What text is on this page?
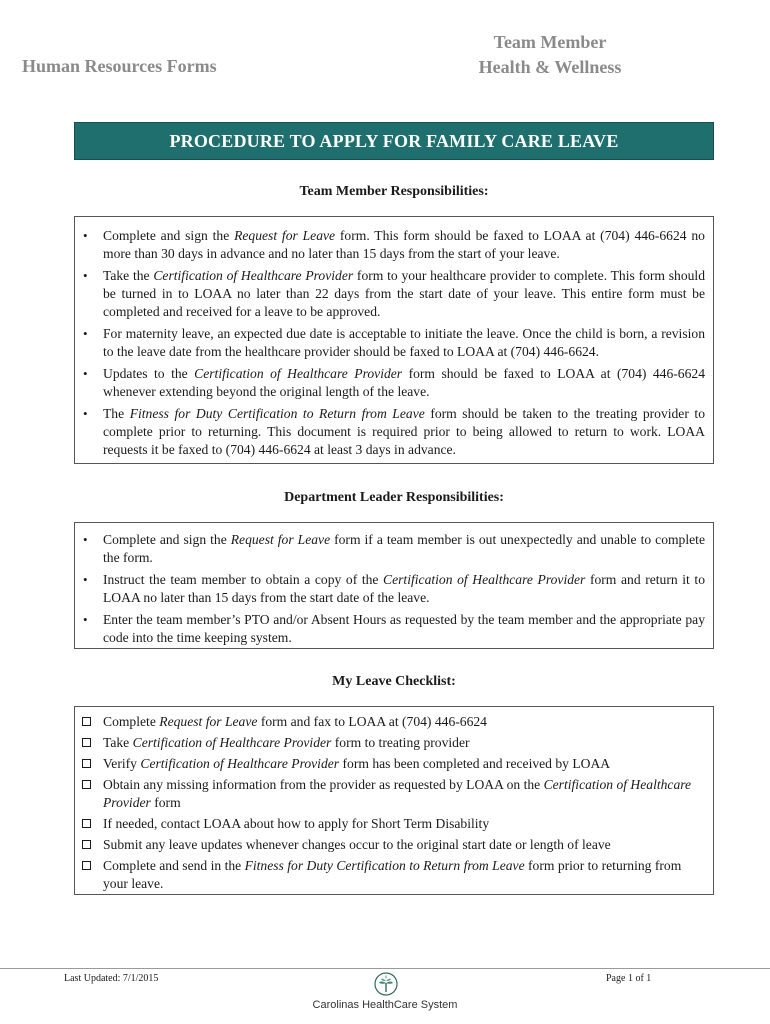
Human Resources Forms
Team Member
Health & Wellness
PROCEDURE TO APPLY FOR FAMILY CARE LEAVE
Team Member Responsibilities:
• Complete and sign the Request for Leave form. This form should be faxed to LOAA at (704) 446-6624 no more than 30 days in advance and no later than 15 days from the start of your leave.
• Take the Certification of Healthcare Provider form to your healthcare provider to complete. This form should be turned in to LOAA no later than 22 days from the start date of your leave. This entire form must be completed and received for a leave to be approved.
• For maternity leave, an expected due date is acceptable to initiate the leave. Once the child is born, a revision to the leave date from the healthcare provider should be faxed to LOAA at (704) 446-6624.
• Updates to the Certification of Healthcare Provider form should be faxed to LOAA at (704) 446-6624 whenever extending beyond the original length of the leave.
• The Fitness for Duty Certification to Return from Leave form should be taken to the treating provider to complete prior to returning. This document is required prior to being allowed to return to work. LOAA requests it be faxed to (704) 446-6624 at least 3 days in advance.
Department Leader Responsibilities:
• Complete and sign the Request for Leave form if a team member is out unexpectedly and unable to complete the form.
• Instruct the team member to obtain a copy of the Certification of Healthcare Provider form and return it to LOAA no later than 15 days from the start date of the leave.
• Enter the team member’s PTO and/or Absent Hours as requested by the team member and the appropriate pay code into the time keeping system.
My Leave Checklist:
Complete Request for Leave form and fax to LOAA at (704) 446-6624
Take Certification of Healthcare Provider form to treating provider
Verify Certification of Healthcare Provider form has been completed and received by LOAA
Obtain any missing information from the provider as requested by LOAA on the Certification of Healthcare Provider form
If needed, contact LOAA about how to apply for Short Term Disability
Submit any leave updates whenever changes occur to the original start date or length of leave
Complete and send in the Fitness for Duty Certification to Return from Leave form prior to returning from your leave.
Last Updated: 7/1/2015	Page 1 of 1
Carolinas HealthCare System
